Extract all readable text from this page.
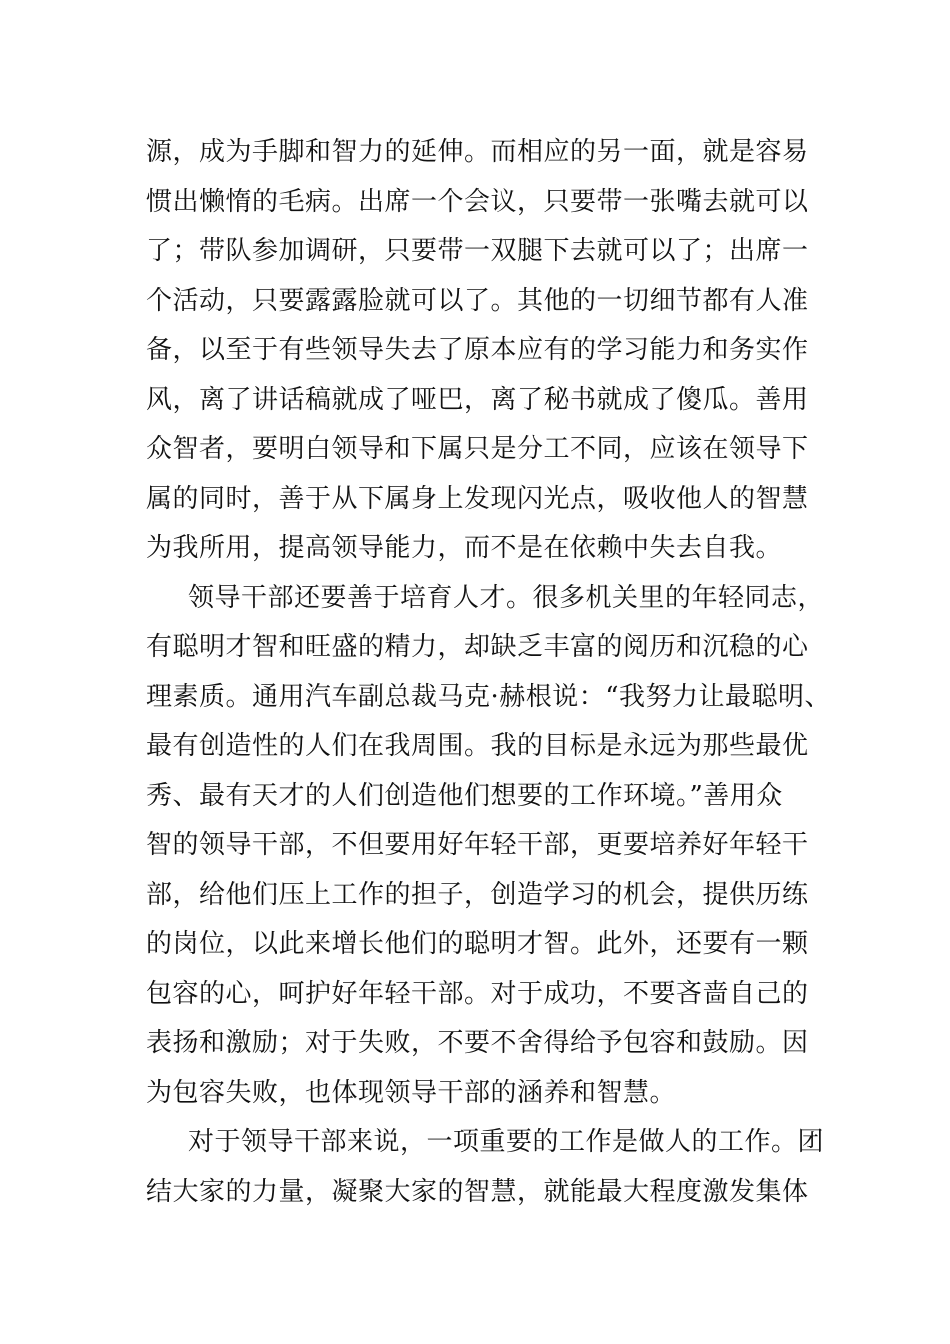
源，成为手脚和智力的延伸。而相应的另一面，就是容易
惯出懒惰的毛病。出席一个会议，只要带一张嘴去就可以
了；带队参加调研，只要带一双腿下去就可以了；出席一
个活动，只要露露脸就可以了。其他的一切细节都有人准
备，以至于有些领导失去了原本应有的学习能力和务实作
风，离了讲话稿就成了哑巴，离了秘书就成了傻瓜。善用
众智者，要明白领导和下属只是分工不同，应该在领导下
属的同时，善于从下属身上发现闪光点，吸收他人的智慧
为我所用，提高领导能力，而不是在依赖中失去自我。
领导干部还要善于培育人才。很多机关里的年轻同志，
有聪明才智和旺盛的精力，却缺乏丰富的阅历和沉稳的心
理素质。通用汽车副总裁马克·赫根说：“我努力让最聪明、
最有创造性的人们在我周围。我的目标是永远为那些最优
秀、最有天才的人们创造他们想要的工作环境。”善用众
智的领导干部，不但要用好年轻干部，更要培养好年轻干
部，给他们压上工作的担子，创造学习的机会，提供历练
的岗位，以此来增长他们的聪明才智。此外，还要有一颗
包容的心，呵护好年轻干部。对于成功，不要吝啬自己的
表扬和激励；对于失败，不要不舍得给予包容和鼓励。因
为包容失败，也体现领导干部的涵养和智慧。
对于领导干部来说，一项重要的工作是做人的工作。团
结大家的力量，凝聚大家的智慧，就能最大程度激发集体
